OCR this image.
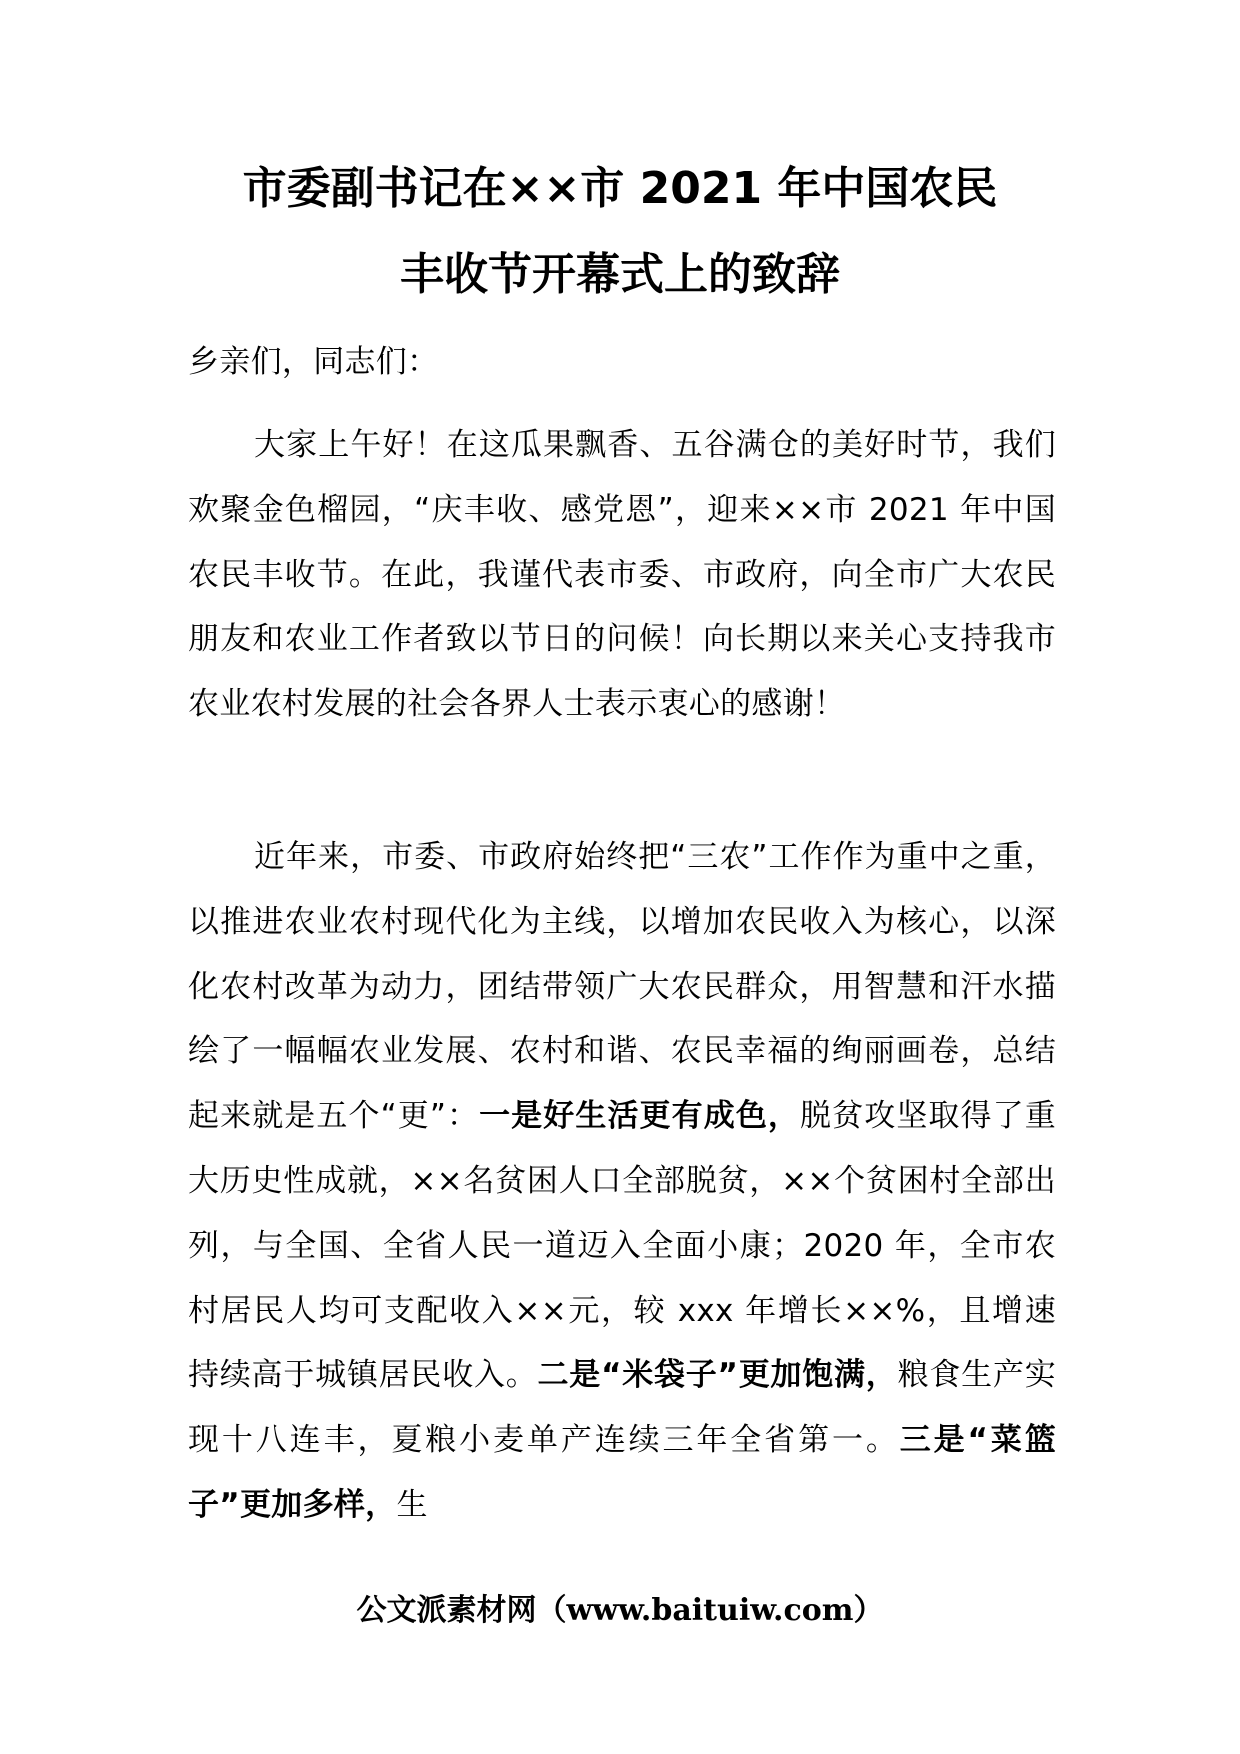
市委副书记在××市 2021 年中国农民
丰收节开幕式上的致辞

乡亲们，同志们：

大家上午好！在这瓜果飘香、五谷满仓的美好时节，我们欢聚金色榴园，“庆丰收、感党恩”，迎来××市 2021 年中国农民丰收节。在此，我谨代表市委、市政府，向全市广大农民朋友和农业工作者致以节日的问候！向长期以来关心支持我市农业农村发展的社会各界人士表示衷心的感谢！

近年来，市委、市政府始终把“三农”工作作为重中之重，以推进农业农村现代化为主线，以增加农民收入为核心，以深化农村改革为动力，团结带领广大农民群众，用智慧和汗水描绘了一幅幅农业发展、农村和谐、农民幸福的绚丽画卷，总结起来就是五个“更”：一是好生活更有成色，脱贫攻坚取得了重大历史性成就，××名贫困人口全部脱贫，××个贫困村全部出列，与全国、全省人民一道迈入全面小康；2020 年，全市农村居民人均可支配收入××元，较 xxx 年增长××%，且增速持续高于城镇居民收入。二是“米袋子”更加饱满，粮食生产实现十八连丰，夏粮小麦单产连续三年全省第一。三是“菜篮子”更加多样，生

公文派素材网（www.baituiw.com）
